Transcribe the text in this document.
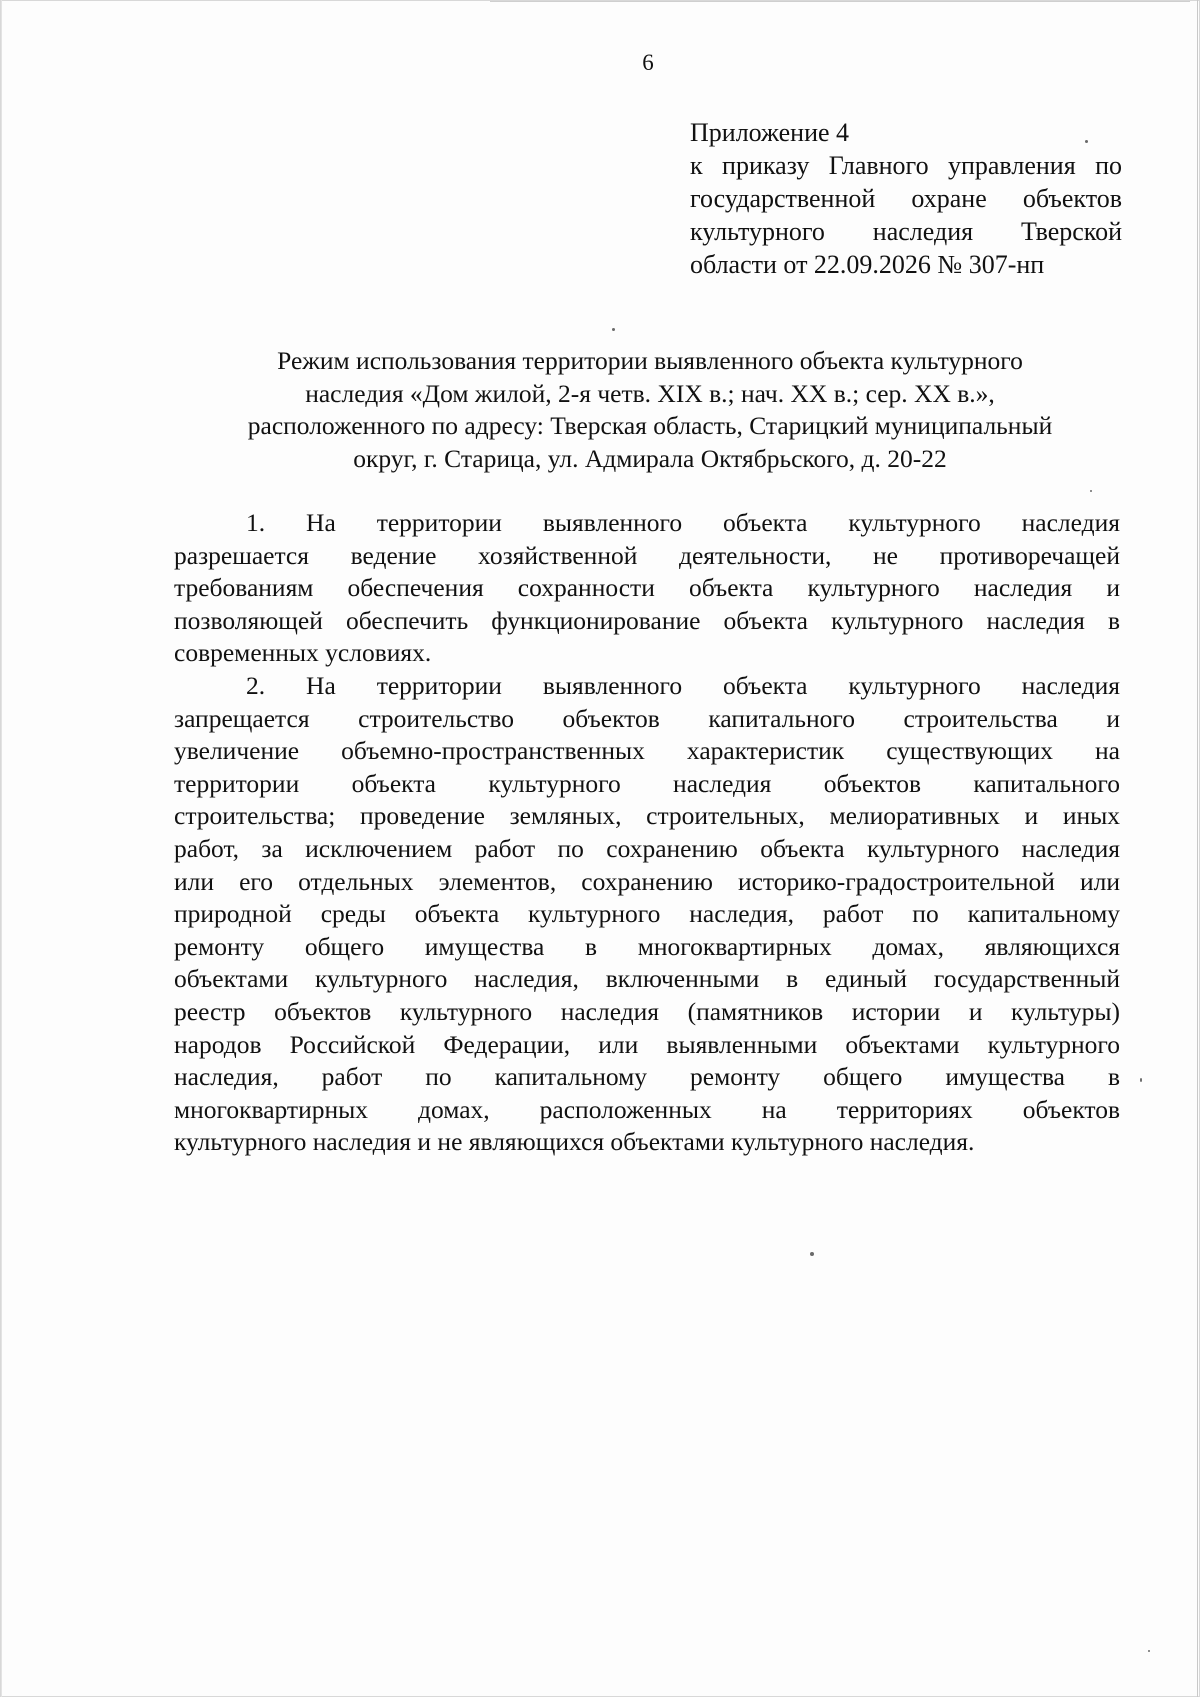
6
Приложение 4
к приказу Главного управления по
государственной охране объектов
культурного наследия Тверской
области от 22.09.2026 № 307-нп
Режим использования территории выявленного объекта культурного
наследия «Дом жилой, 2-я четв. XIX в.; нач. XX в.; сер. XX в.»,
расположенного по адресу: Тверская область, Старицкий муниципальный
округ, г. Старица, ул. Адмирала Октябрьского, д. 20-22
1. На территории выявленного объекта культурного наследия
разрешается ведение хозяйственной деятельности, не противоречащей
требованиям обеспечения сохранности объекта культурного наследия и
позволяющей обеспечить функционирование объекта культурного наследия в
современных условиях.
2. На территории выявленного объекта культурного наследия
запрещается строительство объектов капитального строительства и
увеличение объемно-пространственных характеристик существующих на
территории объекта культурного наследия объектов капитального
строительства; проведение земляных, строительных, мелиоративных и иных
работ, за исключением работ по сохранению объекта культурного наследия
или его отдельных элементов, сохранению историко-градостроительной или
природной среды объекта культурного наследия, работ по капитальному
ремонту общего имущества в многоквартирных домах, являющихся
объектами культурного наследия, включенными в единый государственный
реестр объектов культурного наследия (памятников истории и культуры)
народов Российской Федерации, или выявленными объектами культурного
наследия, работ по капитальному ремонту общего имущества в
многоквартирных домах, расположенных на территориях объектов
культурного наследия и не являющихся объектами культурного наследия.
